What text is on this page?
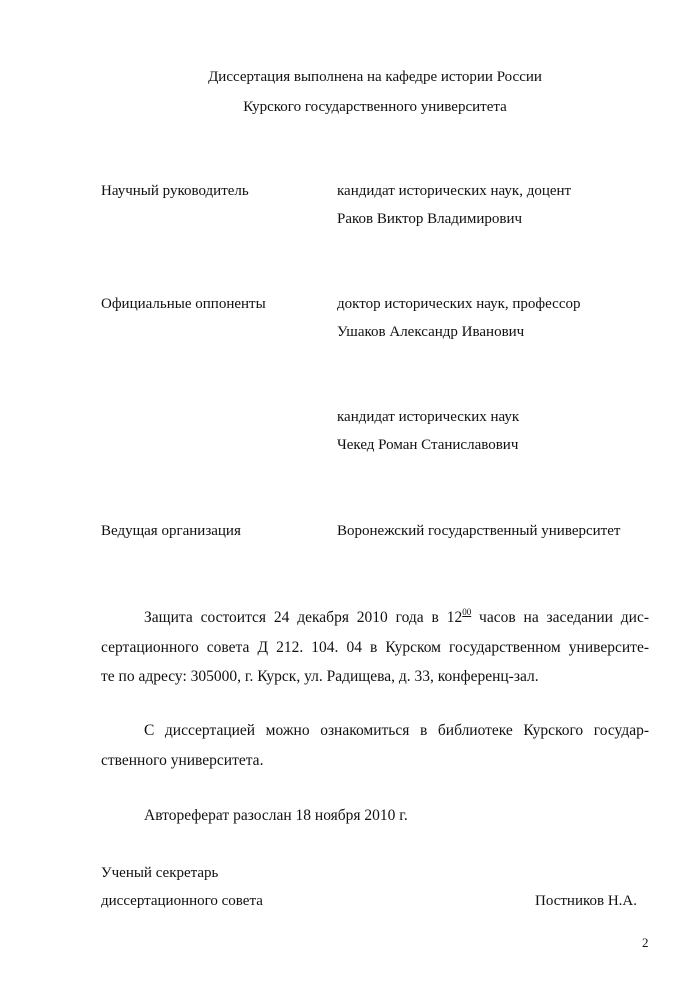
Диссертация выполнена на кафедре истории России
Курского государственного университета
Научный руководитель	кандидат исторических наук, доцент
Раков Виктор Владимирович
Официальные оппоненты	доктор исторических наук, профессор
Ушаков Александр Иванович
кандидат исторических наук
Чекед Роман Станиславович
Ведущая организация	Воронежский государственный университет
Защита состоится 24 декабря 2010 года в $12^{00}$ часов на заседании дис-
сертационного совета Д 212. 104. 04 в Курском государственном университе-
те по адресу: 305000, г. Курск, ул. Радищева, д. 33, конференц-зал.
С диссертацией можно ознакомиться в библиотеке Курского государ-
ственного университета.
Автореферат разослан 18 ноября 2010 г.
Ученый секретарь
диссертационного совета	Постников Н.А.
2
